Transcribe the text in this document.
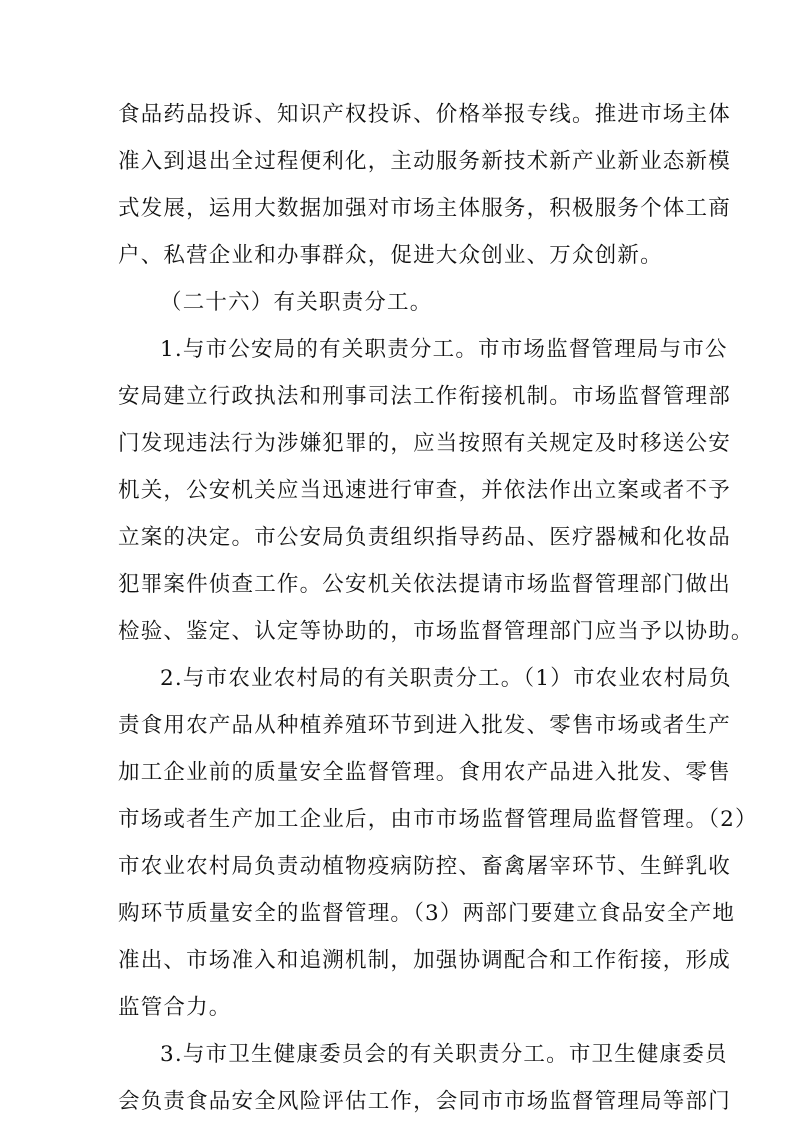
食品药品投诉、知识产权投诉、价格举报专线。推进市场主体
准入到退出全过程便利化，主动服务新技术新产业新业态新模
式发展，运用大数据加强对市场主体服务，积极服务个体工商
户、私营企业和办事群众，促进大众创业、万众创新。
（二十六）有关职责分工。
1.与市公安局的有关职责分工。市市场监督管理局与市公
安局建立行政执法和刑事司法工作衔接机制。市场监督管理部
门发现违法行为涉嫌犯罪的，应当按照有关规定及时移送公安
机关，公安机关应当迅速进行审查，并依法作出立案或者不予
立案的决定。市公安局负责组织指导药品、医疗器械和化妆品
犯罪案件侦查工作。公安机关依法提请市场监督管理部门做出
检验、鉴定、认定等协助的，市场监督管理部门应当予以协助。
2.与市农业农村局的有关职责分工。（1）市农业农村局负
责食用农产品从种植养殖环节到进入批发、零售市场或者生产
加工企业前的质量安全监督管理。食用农产品进入批发、零售
市场或者生产加工企业后，由市市场监督管理局监督管理。（2）
市农业农村局负责动植物疫病防控、畜禽屠宰环节、生鲜乳收
购环节质量安全的监督管理。（3）两部门要建立食品安全产地
准出、市场准入和追溯机制，加强协调配合和工作衔接，形成
监管合力。
3.与市卫生健康委员会的有关职责分工。市卫生健康委员
会负责食品安全风险评估工作，会同市市场监督管理局等部门
